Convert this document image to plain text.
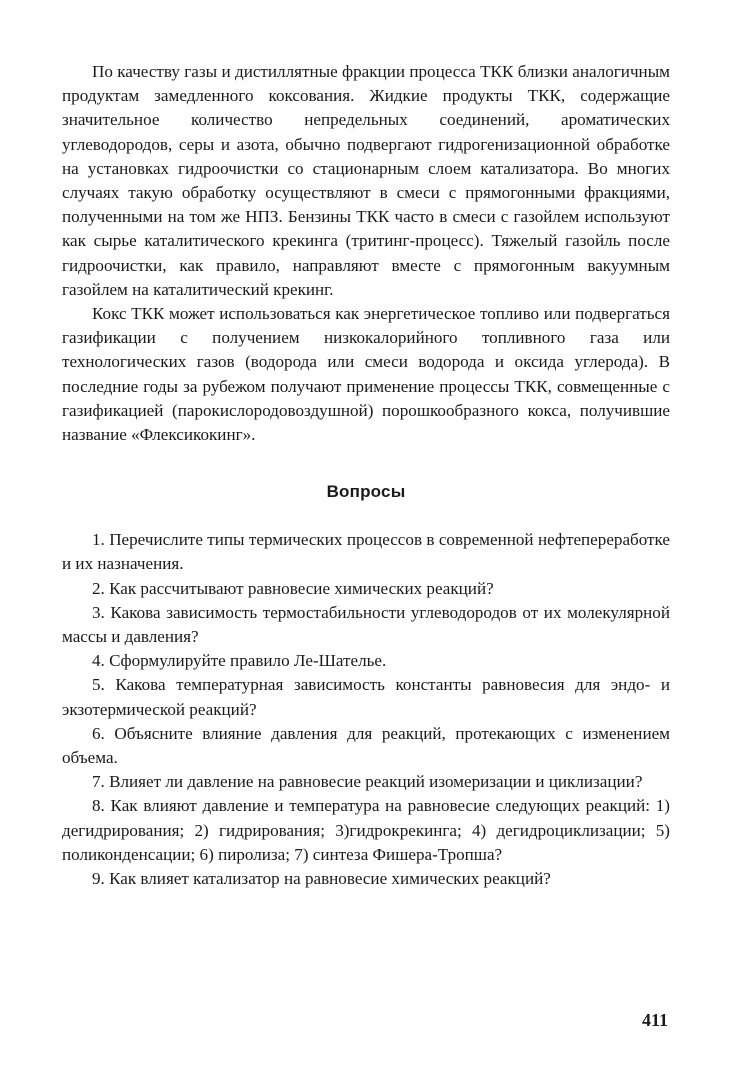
По качеству газы и дистиллятные фракции процесса ТКК близки аналогичным продуктам замедленного коксования. Жидкие продукты ТКК, содержащие значительное количество непредельных соединений, ароматических углеводородов, серы и азота, обычно подвергают гидрогенизационной обработке на установках гидроочистки со стационарным слоем катализатора. Во многих случаях такую обработку осуществляют в смеси с прямогонными фракциями, полученными на том же НПЗ. Бензины ТКК часто в смеси с газойлем используют как сырье каталитического крекинга (тритинг-процесс). Тяжелый газойль после гидроочистки, как правило, направляют вместе с прямогонным вакуумным газойлем на каталитический крекинг.

Кокс ТКК может использоваться как энергетическое топливо или подвергаться газификации с получением низкокалорийного топливного газа или технологических газов (водорода или смеси водорода и оксида углерода). В последние годы за рубежом получают применение процессы ТКК, совмещенные с газификацией (парокислородовоздушной) порошкообразного кокса, получившие название «Флексикокинг».

Вопросы

1. Перечислите типы термических процессов в современной нефтепереработке и их назначения.

2. Как рассчитывают равновесие химических реакций?

3. Какова зависимость термостабильности углеводородов от их молекулярной массы и давления?

4. Сформулируйте правило Ле-Шателье.

5. Какова температурная зависимость константы равновесия для эндо- и экзотермической реакций?

6. Объясните влияние давления для реакций, протекающих с изменением объема.

7. Влияет ли давление на равновесие реакций изомеризации и циклизации?

8. Как влияют давление и температура на равновесие следующих реакций: 1) дегидрирования; 2) гидрирования; 3)гидрокрекинга; 4) дегидроциклизации; 5) поликонденсации; 6) пиролиза; 7) синтеза Фишера-Тропша?

9. Как влияет катализатор на равновесие химических реакций?

411
